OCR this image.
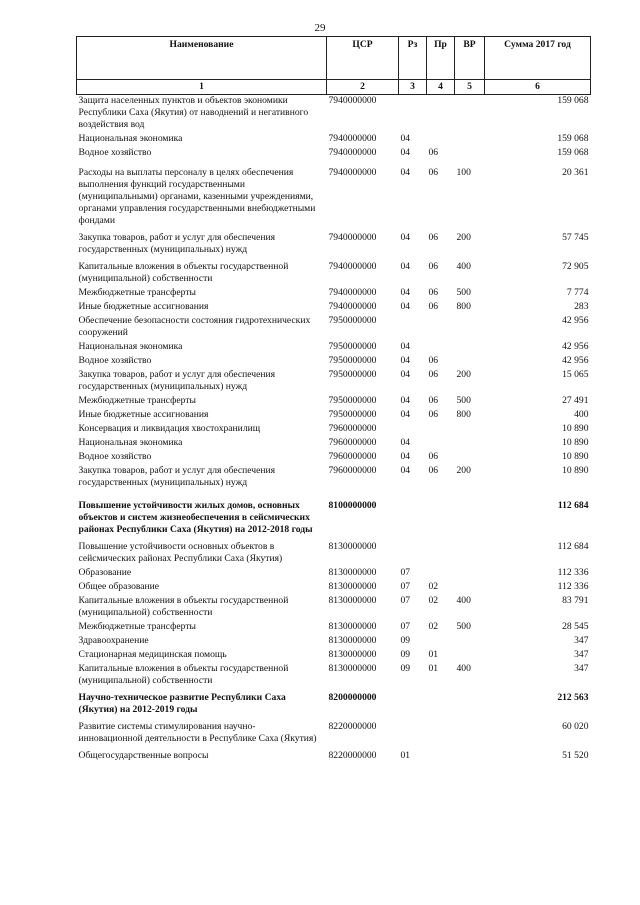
29
Наименование	ЦСР	Рз	Пр	ВР	Сумма 2017 год
1	2	3	4	5	6
Защита населенных пунктов и объектов экономики Республики Саха (Якутия) от наводнений и негативного воздействия вод	7940000000				159 068
Национальная экономика	7940000000	04			159 068
Водное хозяйство	7940000000	04	06		159 068
Расходы на выплаты персоналу в целях обеспечения выполнения функций государственными (муниципальными) органами, казенными учреждениями, органами управления государственными внебюджетными фондами	7940000000	04	06	100	20 361
Закупка товаров, работ и услуг для обеспечения государственных (муниципальных) нужд	7940000000	04	06	200	57 745
Капитальные вложения в объекты государственной (муниципальной) собственности	7940000000	04	06	400	72 905
Межбюджетные трансферты	7940000000	04	06	500	7 774
Иные бюджетные ассигнования	7940000000	04	06	800	283
Обеспечение безопасности состояния гидротехнических сооружений	7950000000				42 956
Национальная экономика	7950000000	04			42 956
Водное хозяйство	7950000000	04	06		42 956
Закупка товаров, работ и услуг для обеспечения государственных (муниципальных) нужд	7950000000	04	06	200	15 065
Межбюджетные трансферты	7950000000	04	06	500	27 491
Иные бюджетные ассигнования	7950000000	04	06	800	400
Консервация и ликвидация хвостохранилищ	7960000000				10 890
Национальная экономика	7960000000	04			10 890
Водное хозяйство	7960000000	04	06		10 890
Закупка товаров, работ и услуг для обеспечения государственных (муниципальных) нужд	7960000000	04	06	200	10 890
Повышение устойчивости жилых домов, основных объектов и систем жизнеобеспечения в сейсмических районах Республики Саха (Якутия) на 2012-2018 годы	8100000000				112 684
Повышение устойчивости основных объектов в сейсмических районах Республики Саха (Якутия)	8130000000				112 684
Образование	8130000000	07			112 336
Общее образование	8130000000	07	02		112 336
Капитальные вложения в объекты государственной (муниципальной) собственности	8130000000	07	02	400	83 791
Межбюджетные трансферты	8130000000	07	02	500	28 545
Здравоохранение	8130000000	09			347
Стационарная медицинская помощь	8130000000	09	01		347
Капитальные вложения в объекты государственной (муниципальной) собственности	8130000000	09	01	400	347
Научно-техническое развитие Республики Саха (Якутия) на 2012-2019 годы	8200000000				212 563
Развитие системы стимулирования научно-инновационной деятельности в Республике Саха (Якутия)	8220000000				60 020
Общегосударственные вопросы	8220000000	01			51 520
